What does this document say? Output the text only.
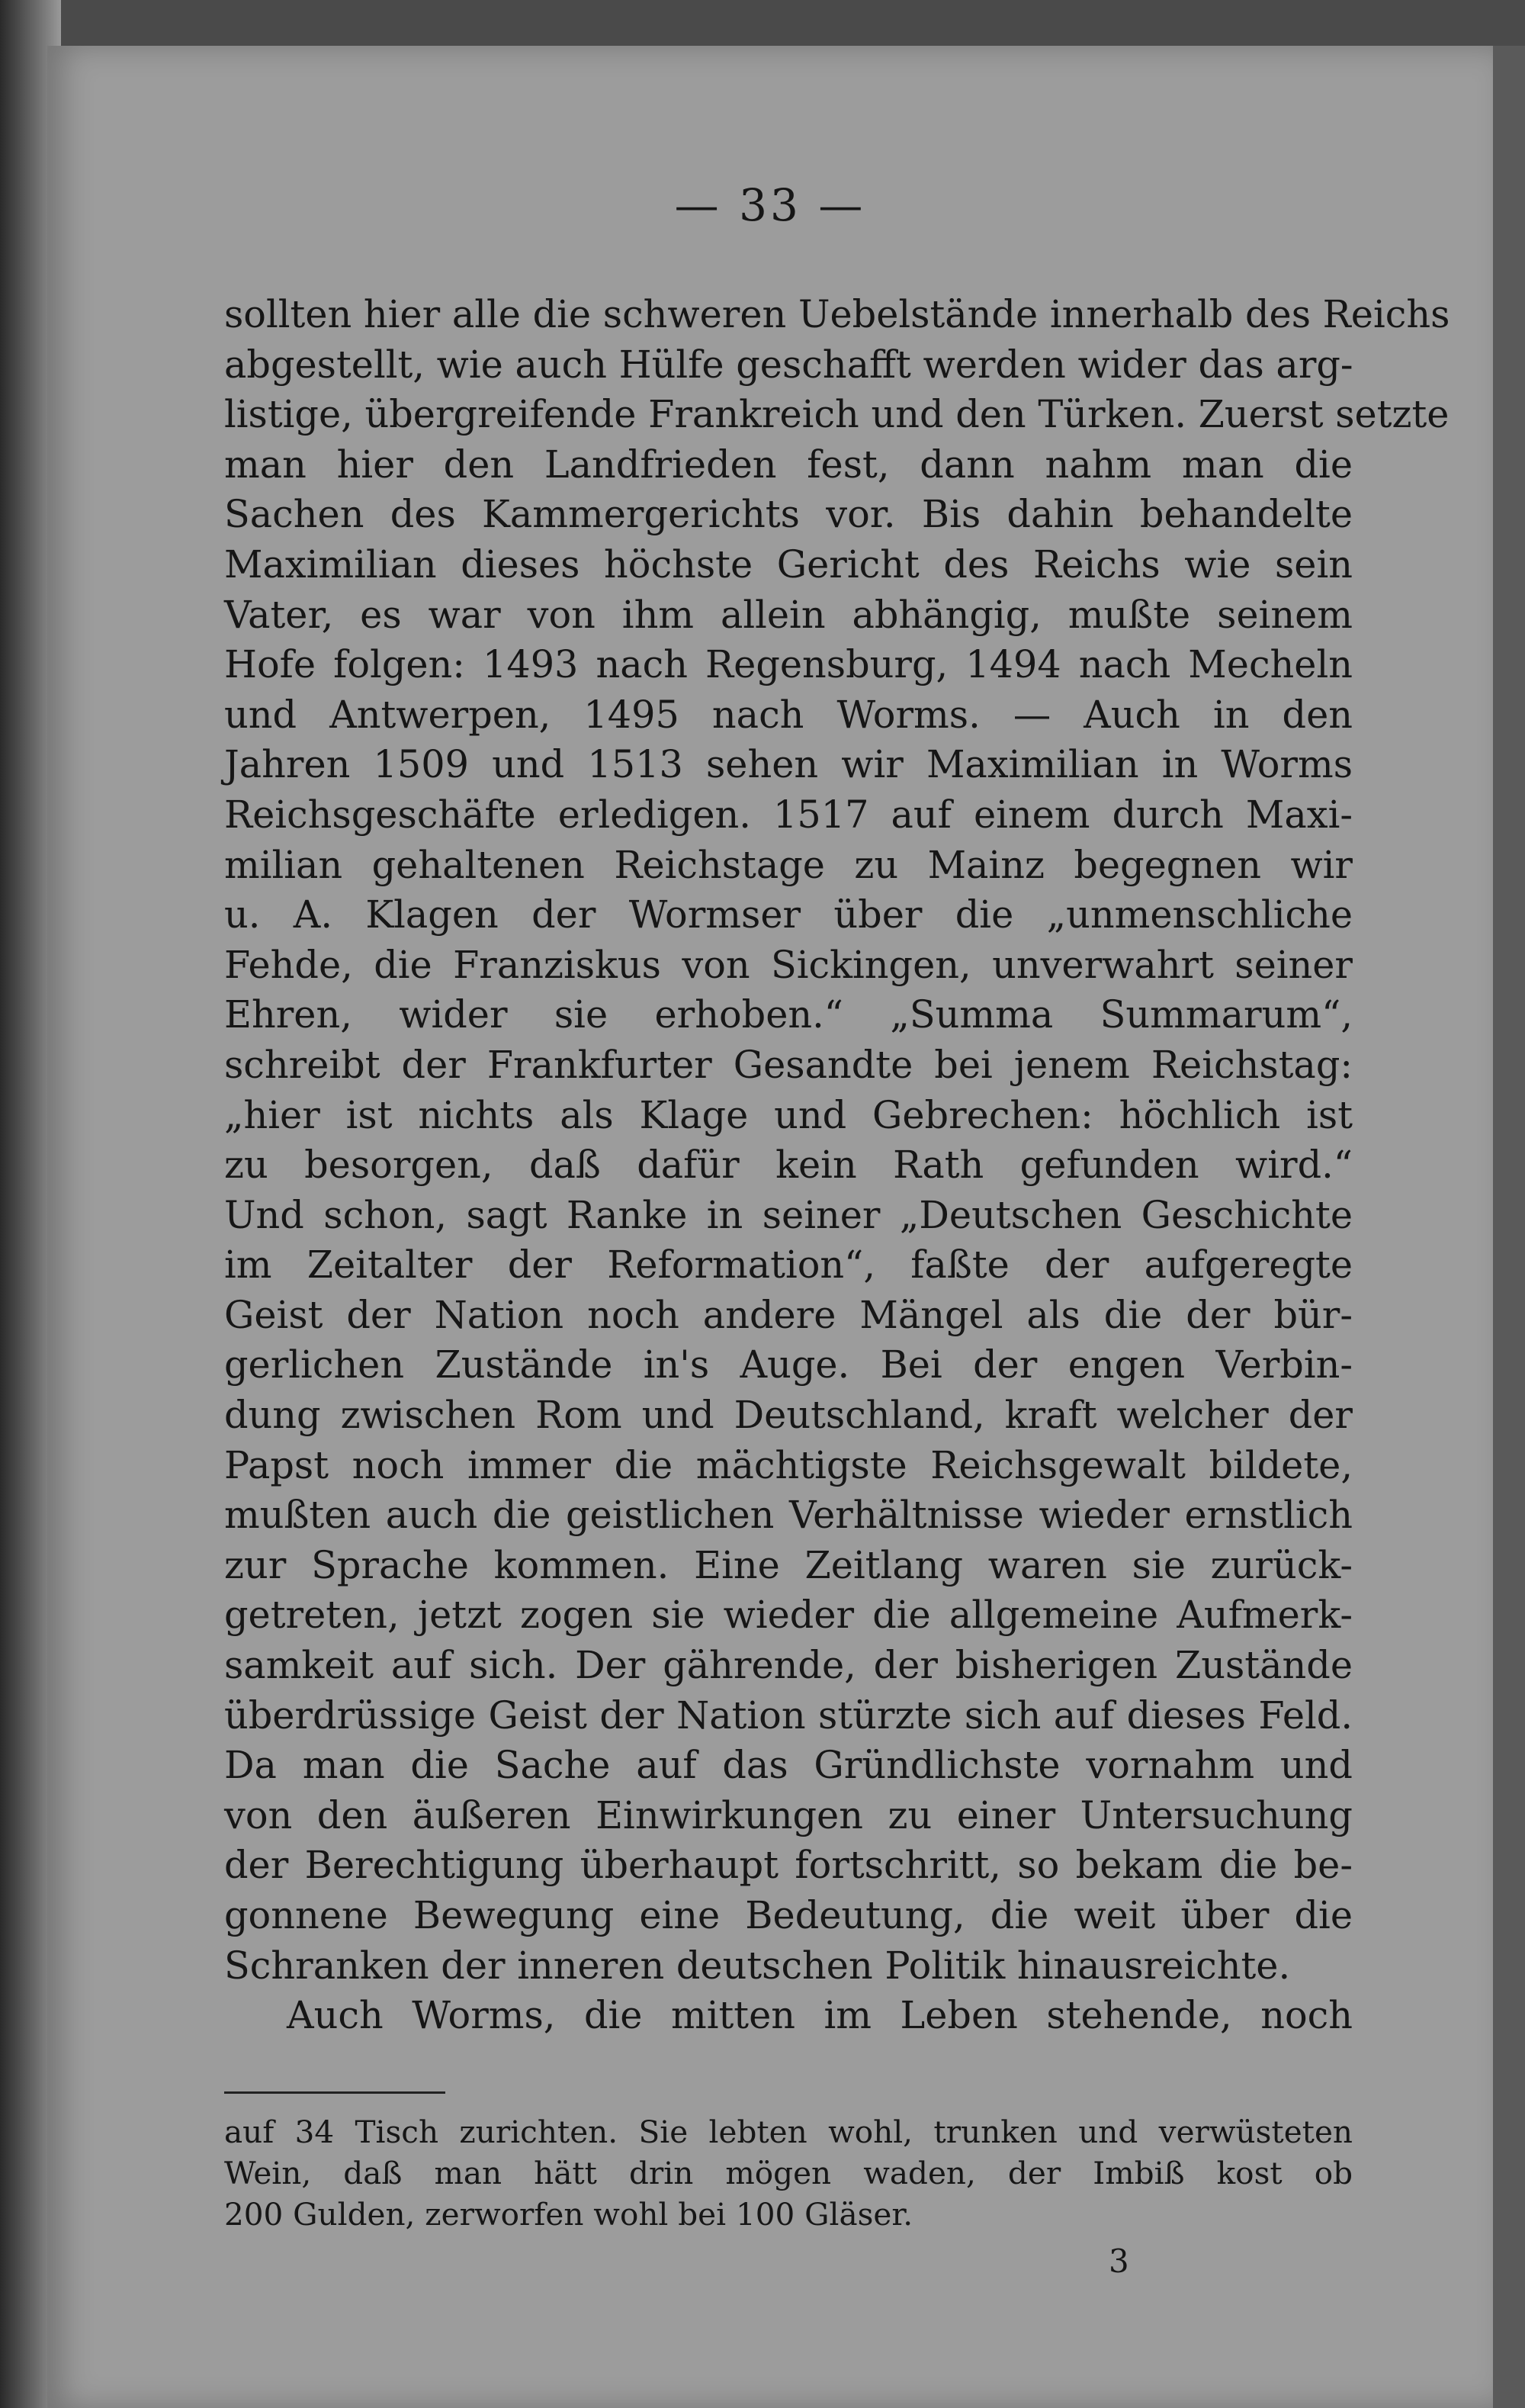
— 33 —
sollten hier alle die schweren Uebelstände innerhalb des Reichs
abgestellt, wie auch Hülfe geschafft werden wider das arg-
listige, übergreifende Frankreich und den Türken. Zuerst setzte
man hier den Landfrieden fest, dann nahm man die
Sachen des Kammergerichts vor. Bis dahin behandelte
Maximilian dieses höchste Gericht des Reichs wie sein
Vater, es war von ihm allein abhängig, mußte seinem
Hofe folgen: 1493 nach Regensburg, 1494 nach Mecheln
und Antwerpen, 1495 nach Worms. — Auch in den
Jahren 1509 und 1513 sehen wir Maximilian in Worms
Reichsgeschäfte erledigen. 1517 auf einem durch Maxi-
milian gehaltenen Reichstage zu Mainz begegnen wir
u. A. Klagen der Wormser über die „unmenschliche
Fehde, die Franziskus von Sickingen, unverwahrt seiner
Ehren, wider sie erhoben.“ „Summa Summarum“,
schreibt der Frankfurter Gesandte bei jenem Reichstag:
„hier ist nichts als Klage und Gebrechen: höchlich ist
zu besorgen, daß dafür kein Rath gefunden wird.“
Und schon, sagt Ranke in seiner „Deutschen Geschichte
im Zeitalter der Reformation“, faßte der aufgeregte
Geist der Nation noch andere Mängel als die der bür-
gerlichen Zustände in's Auge. Bei der engen Verbin-
dung zwischen Rom und Deutschland, kraft welcher der
Papst noch immer die mächtigste Reichsgewalt bildete,
mußten auch die geistlichen Verhältnisse wieder ernstlich
zur Sprache kommen. Eine Zeitlang waren sie zurück-
getreten, jetzt zogen sie wieder die allgemeine Aufmerk-
samkeit auf sich. Der gährende, der bisherigen Zustände
überdrüssige Geist der Nation stürzte sich auf dieses Feld.
Da man die Sache auf das Gründlichste vornahm und
von den äußeren Einwirkungen zu einer Untersuchung
der Berechtigung überhaupt fortschritt, so bekam die be-
gonnene Bewegung eine Bedeutung, die weit über die
Schranken der inneren deutschen Politik hinausreichte.
Auch Worms, die mitten im Leben stehende, noch
auf 34 Tisch zurichten. Sie lebten wohl, trunken und verwüsteten
Wein, daß man hätt drin mögen waden, der Imbiß kost ob
200 Gulden, zerworfen wohl bei 100 Gläser.
3
